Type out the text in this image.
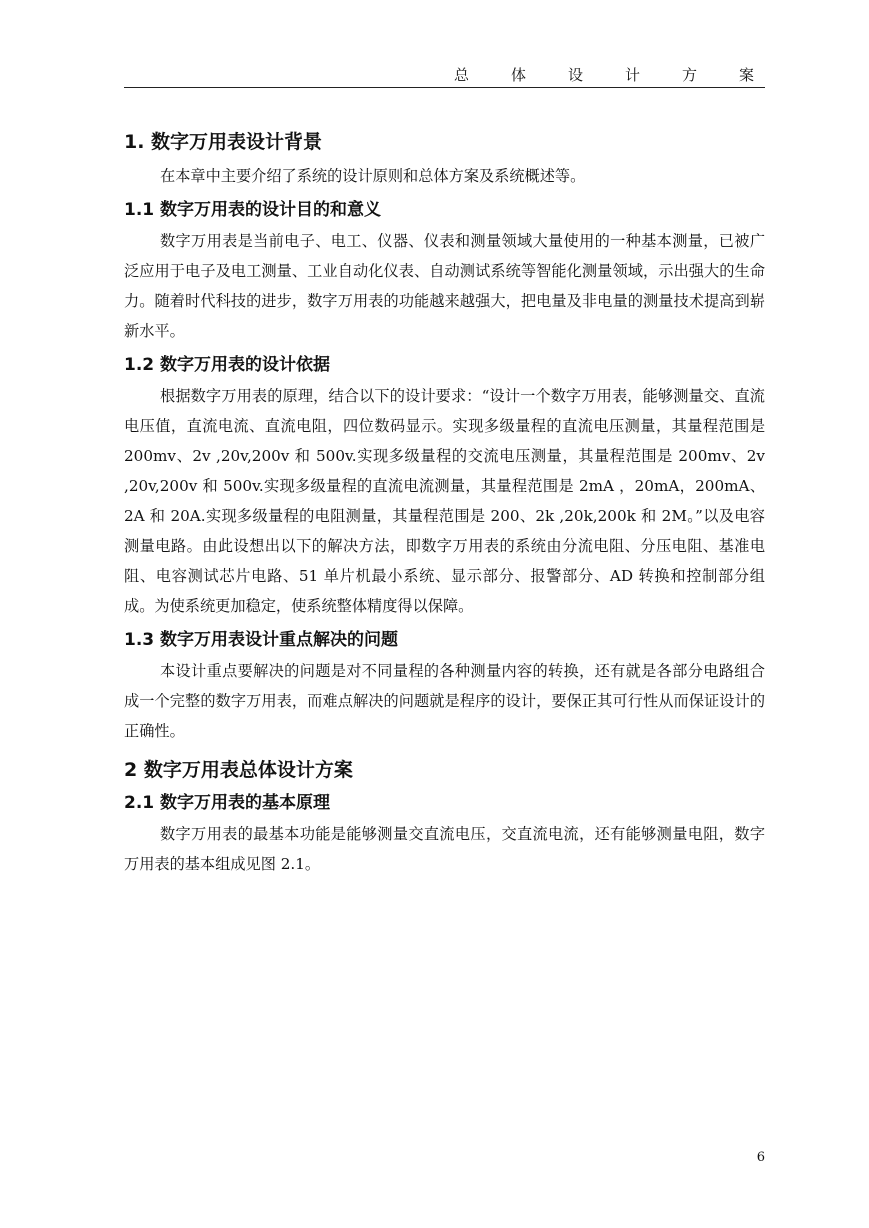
总	体	设	计	方	案
1. 数字万用表设计背景

在本章中主要介绍了系统的设计原则和总体方案及系统概述等。

1.1 数字万用表的设计目的和意义

数字万用表是当前电子、电工、仪器、仪表和测量领域大量使用的一种基本测量，已被广泛应用于电子及电工测量、工业自动化仪表、自动测试系统等智能化测量领域，示出强大的生命力。随着时代科技的进步，数字万用表的功能越来越强大，把电量及非电量的测量技术提高到崭新水平。

1.2 数字万用表的设计依据

根据数字万用表的原理，结合以下的设计要求：“设计一个数字万用表，能够测量交、直流电压值，直流电流、直流电阻，四位数码显示。实现多级量程的直流电压测量，其量程范围是 200mv、2v ,20v,200v 和 500v.实现多级量程的交流电压测量，其量程范围是 200mv、2v ,20v,200v 和 500v.实现多级量程的直流电流测量，其量程范围是 2mA ，20mA，200mA、2A 和 20A.实现多级量程的电阻测量，其量程范围是 200、2k ,20k,200k 和 2M。”以及电容测量电路。由此设想出以下的解决方法，即数字万用表的系统由分流电阻、分压电阻、基准电阻、电容测试芯片电路、51 单片机最小系统、显示部分、报警部分、AD 转换和控制部分组成。为使系统更加稳定，使系统整体精度得以保障。

1.3 数字万用表设计重点解决的问题

本设计重点要解决的问题是对不同量程的各种测量内容的转换，还有就是各部分电路组合成一个完整的数字万用表，而难点解决的问题就是程序的设计，要保正其可行性从而保证设计的正确性。

2 数字万用表总体设计方案
2.1 数字万用表的基本原理

数字万用表的最基本功能是能够测量交直流电压，交直流电流，还有能够测量电阻，数字万用表的基本组成见图 2.1。

6
